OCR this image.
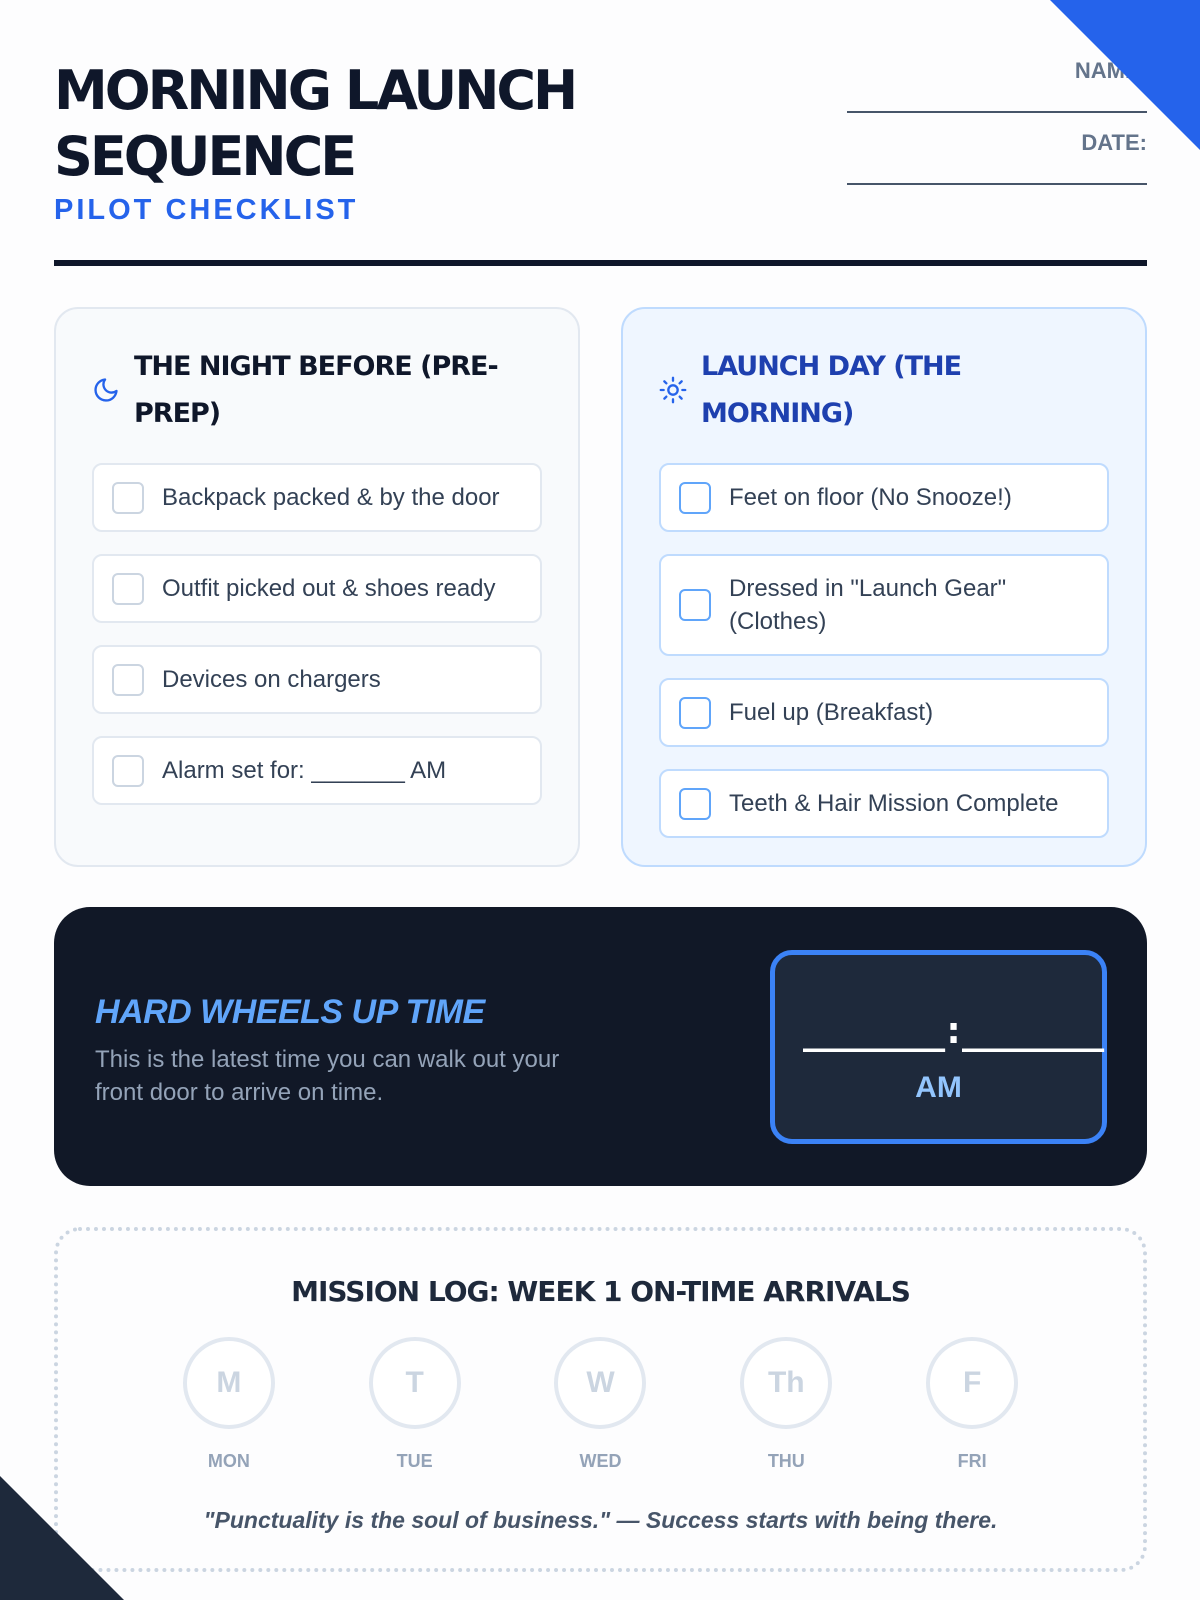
MORNING LAUNCH SEQUENCE
PILOT CHECKLIST
NAME:
DATE:
THE NIGHT BEFORE (PRE-PREP)
Backpack packed & by the door
Outfit picked out & shoes ready
Devices on chargers
Alarm set for: _______ AM
LAUNCH DAY (THE MORNING)
Feet on floor (No Snooze!)
Dressed in "Launch Gear" (Clothes)
Fuel up (Breakfast)
Teeth & Hair Mission Complete
HARD WHEELS UP TIME

This is the latest time you can walk out your front door to arrive on time.

_______:_______
AM
MISSION LOG: WEEK 1 ON-TIME ARRIVALS
M
MON
T
TUE
W
WED
Th
THU
F
FRI

"Punctuality is the soul of business." — Success starts with being there.
